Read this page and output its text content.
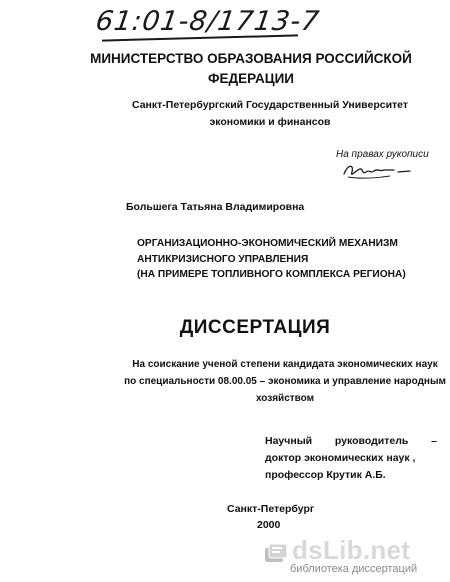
61:01-8/1713-7
МИНИСТЕРСТВО ОБРАЗОВАНИЯ РОССИЙСКОЙ
ФЕДЕРАЦИИ
Санкт-Петербургский Государственный Университет
экономики и финансов
На правах рукописи
Большега Татьяна Владимировна
ОРГАНИЗАЦИОННО-ЭКОНОМИЧЕСКИЙ МЕХАНИЗМ
АНТИКРИЗИСНОГО УПРАВЛЕНИЯ
(НА ПРИМЕРЕ ТОПЛИВНОГО КОМПЛЕКСА РЕГИОНА)
ДИССЕРТАЦИЯ
На соискание ученой степени кандидата экономических наук
по специальности 08.00.05 – экономика и управление народным
хозяйством
Научный руководитель –
доктор экономических наук ,
профессор Крутик А.Б.
Санкт-Петербург
2000
dsLib.net
библиотека диссертаций
